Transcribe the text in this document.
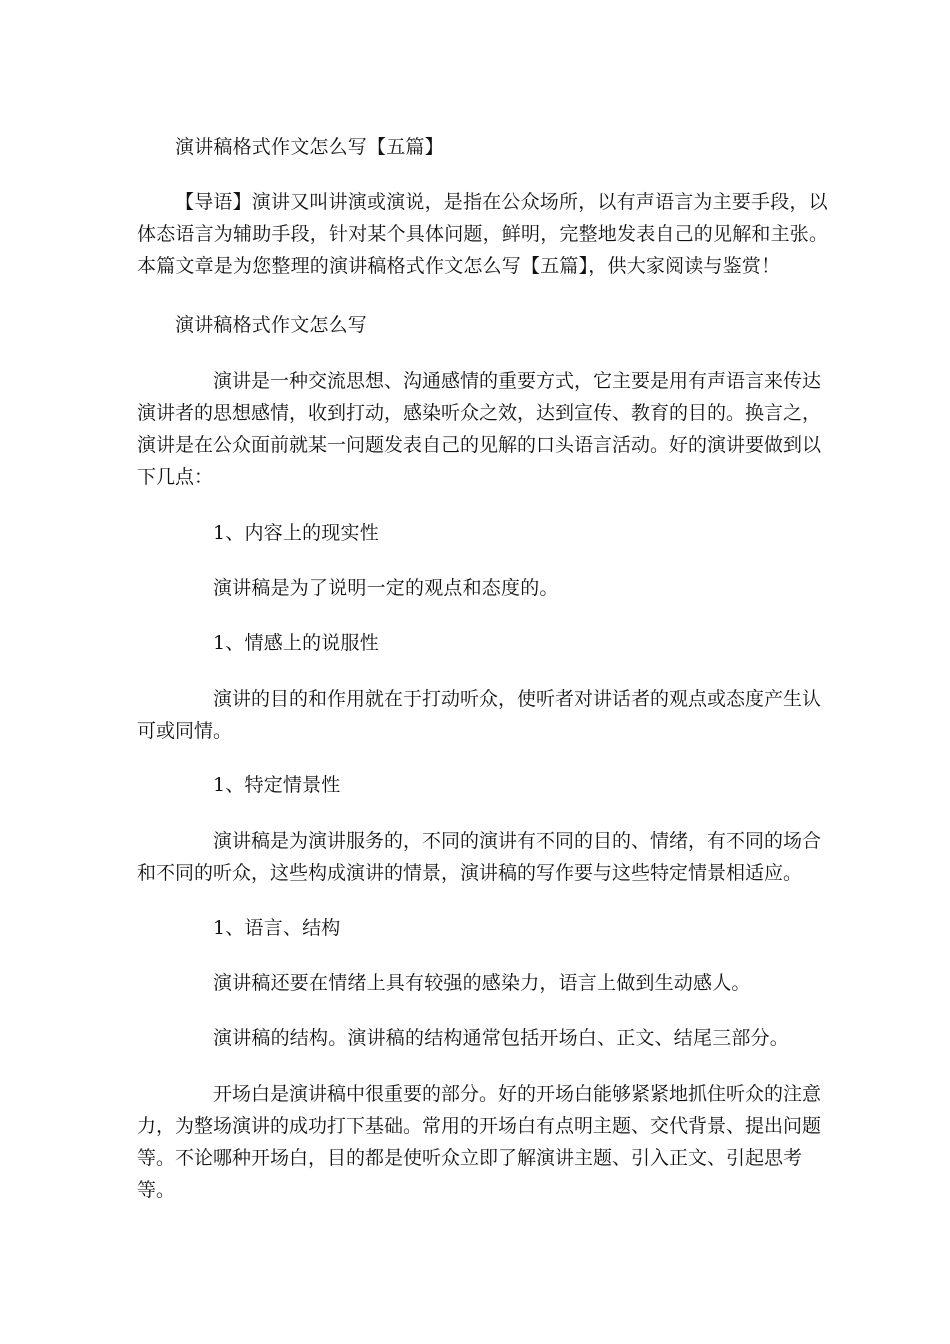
演讲稿格式作文怎么写【五篇】

【导语】演讲又叫讲演或演说，是指在公众场所，以有声语言为主要手段，以体态语言为辅助手段，针对某个具体问题，鲜明，完整地发表自己的见解和主张。本篇文章是为您整理的演讲稿格式作文怎么写【五篇】，供大家阅读与鉴赏！

演讲稿格式作文怎么写

演讲是一种交流思想、沟通感情的重要方式，它主要是用有声语言来传达演讲者的思想感情，收到打动，感染听众之效，达到宣传、教育的目的。换言之，演讲是在公众面前就某一问题发表自己的见解的口头语言活动。好的演讲要做到以下几点：

1、内容上的现实性
演讲稿是为了说明一定的观点和态度的。
1、情感上的说服性

演讲的目的和作用就在于打动听众，使听者对讲话者的观点或态度产生认可或同情。

1、特定情景性

演讲稿是为演讲服务的，不同的演讲有不同的目的、情绪，有不同的场合和不同的听众，这些构成演讲的情景，演讲稿的写作要与这些特定情景相适应。

1、语言、结构
演讲稿还要在情绪上具有较强的感染力，语言上做到生动感人。
演讲稿的结构。演讲稿的结构通常包括开场白、正文、结尾三部分。

开场白是演讲稿中很重要的部分。好的开场白能够紧紧地抓住听众的注意力，为整场演讲的成功打下基础。常用的开场白有点明主题、交代背景、提出问题等。不论哪种开场白，目的都是使听众立即了解演讲主题、引入正文、引起思考等。
